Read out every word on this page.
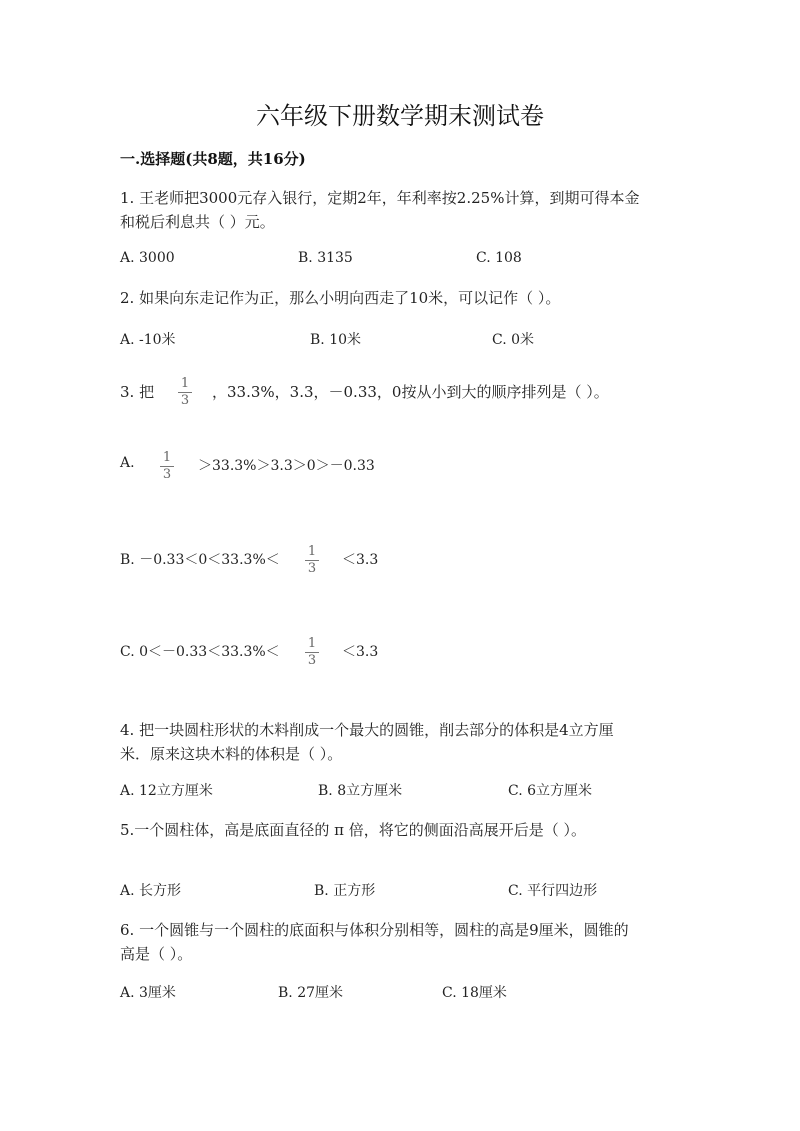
六年级下册数学期末测试卷
一.选择题(共8题，共16分)
1. 王老师把3000元存入银行，定期2年，年利率按2.25%计算，到期可得本金
和税后利息共（ ）元。
A. 3000	B. 3135	C. 108
2. 如果向东走记作为正，那么小明向西走了10米，可以记作（ ）。
A. -10米	B. 10米	C. 0米
3. 把 1
3 ，33.3%，3.3，－0.33，0按从小到大的顺序排列是（ ）。
A. 1
3
＞33.3%＞3.3＞0＞－0.33
B. －0.33＜0＜33.3%＜
1
3
＜3.3
C. 0＜－0.33＜33.3%＜
1
3
＜3.3
4. 把一块圆柱形状的木料削成一个最大的圆锥，削去部分的体积是4立方厘
米．原来这块木料的体积是（ ）。
A. 12立方厘米	B. 8立方厘米	C. 6立方厘米
5.一个圆柱体，高是底面直径的 π 倍，将它的侧面沿高展开后是（ ）。
A. 长方形	B. 正方形	C. 平行四边形
6. 一个圆锥与一个圆柱的底面积与体积分别相等，圆柱的高是9厘米，圆锥的
高是（ ）。
A. 3厘米	B. 27厘米	C. 18厘米
